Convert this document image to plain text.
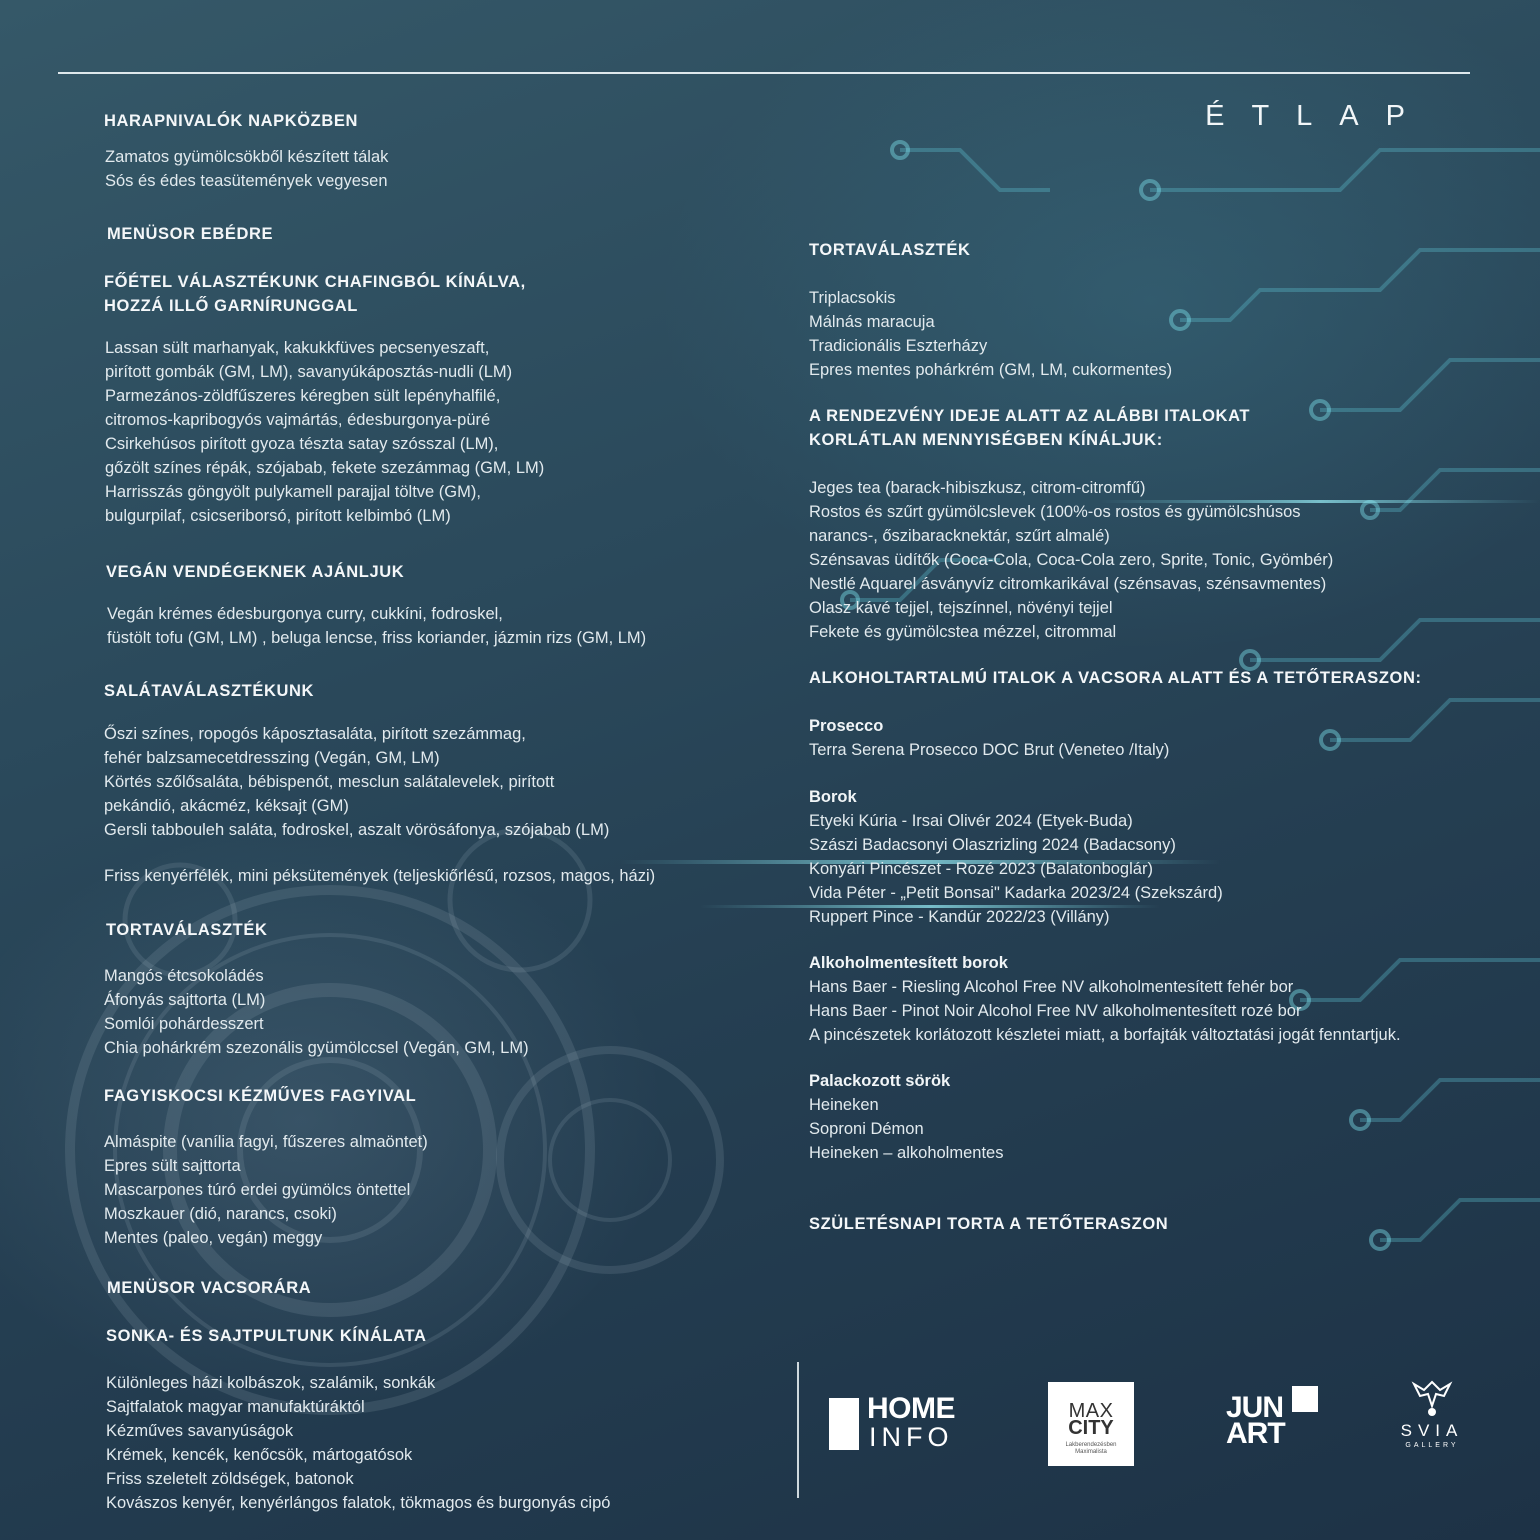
ÉTLAP
HARAPNIVALÓK NAPKÖZBEN
Zamatos gyümölcsökből készített tálak
Sós és édes teasütemények vegyesen
MENÜSOR EBÉDRE
FŐÉTEL VÁLASZTÉKUNK CHAFINGBÓL KÍNÁLVA,
HOZZÁ ILLŐ GARNÍRUNGGAL
Lassan sült marhanyak, kakukkfüves pecsenyeszaft,
pirított gombák (GM, LM), savanyúkáposztás-nudli (LM)
Parmezános-zöldfűszeres kéregben sült lepényhalfilé,
citromos-kapribogyós vajmártás, édesburgonya-püré
Csirkehúsos pirított gyoza tészta satay szósszal (LM),
gőzölt színes répák, szójabab, fekete szezámmag (GM, LM)
Harrisszás göngyölt pulykamell parajjal töltve (GM),
bulgurpilaf, csicseriborsó, pirított kelbimbó (LM)
VEGÁN VENDÉGEKNEK AJÁNLJUK
Vegán krémes édesburgonya curry, cukkíni, fodroskel,
füstölt tofu (GM, LM) , beluga lencse, friss koriander, jázmin rizs (GM, LM)
SALÁTAVÁLASZTÉKUNK
Őszi színes, ropogós káposztasaláta, pirított szezámmag,
fehér balzsamecetdresszing (Vegán, GM, LM)
Körtés szőlősaláta, bébispenót, mesclun salátalevelek, pirított
pekándió, akácméz, kéksajt (GM)
Gersli tabbouleh saláta, fodroskel, aszalt vörösáfonya, szójabab (LM)
Friss kenyérfélék, mini péksütemények (teljeskiőrlésű, rozsos, magos, házi)
TORTAVÁLASZTÉK
Mangós étcsokoládés
Áfonyás sajttorta (LM)
Somlói pohárdesszert
Chia pohárkrém szezonális gyümölccsel (Vegán, GM, LM)
FAGYISKOCSI KÉZMŰVES FAGYIVAL
Almáspite (vanília fagyi, fűszeres almaöntet)
Epres sült sajttorta
Mascarpones túró erdei gyümölcs öntettel
Moszkauer (dió, narancs, csoki)
Mentes (paleo, vegán) meggy
MENÜSOR VACSORÁRA
SONKA- ÉS SAJTPULTUNK KÍNÁLATA
Különleges házi kolbászok, szalámik, sonkák
Sajtfalatok magyar manufaktúráktól
Kézműves savanyúságok
Krémek, kencék, kenőcsök, mártogatósok
Friss szeletelt zöldségek, batonok
Kovászos kenyér, kenyérlángos falatok, tökmagos és burgonyás cipó
TORTAVÁLASZTÉK
Triplacsokis
Málnás maracuja
Tradicionális Eszterházy
Epres mentes pohárkrém (GM, LM, cukormentes)
A RENDEZVÉNY IDEJE ALATT AZ ALÁBBI ITALOKAT
KORLÁTLAN MENNYISÉGBEN KÍNÁLJUK:
Jeges tea (barack-hibiszkusz, citrom-citromfű)
Rostos és szűrt gyümölcslevek (100%-os rostos és gyümölcshúsos
narancs-, őszibaracknektár, szűrt almalé)
Szénsavas üdítők (Coca-Cola, Coca-Cola zero, Sprite, Tonic, Gyömbér)
Nestlé Aquarel ásványvíz citromkarikával (szénsavas, szénsavmentes)
Olasz kávé tejjel, tejszínnel, növényi tejjel
Fekete és gyümölcstea mézzel, citrommal
ALKOHOLTARTALMÚ ITALOK A VACSORA ALATT ÉS A TETŐTERASZON:
Prosecco
Terra Serena Prosecco DOC Brut (Veneteo /Italy)
Borok
Etyeki Kúria - Irsai Olivér 2024 (Etyek-Buda)
Szászi Badacsonyi Olaszrizling 2024 (Badacsony)
Konyári Pincészet - Rozé 2023 (Balatonboglár)
Vida Péter - „Petit Bonsai" Kadarka 2023/24 (Szekszárd)
Ruppert Pince - Kandúr 2022/23 (Villány)
Alkoholmentesített borok
Hans Baer - Riesling Alcohol Free NV alkoholmentesített fehér bor
Hans Baer - Pinot Noir Alcohol Free NV alkoholmentesített rozé bor
A pincészetek korlátozott készletei miatt, a borfajták változtatási jogát fenntartjuk.
Palackozott sörök
Heineken
Soproni Démon
Heineken – alkoholmentes
SZÜLETÉSNAPI TORTA A TETŐTERASZON
HOME
INFO
MAX
CITY
Lakberendezésben
Maximalista
JUN
ART	SVIA
GALLERY
